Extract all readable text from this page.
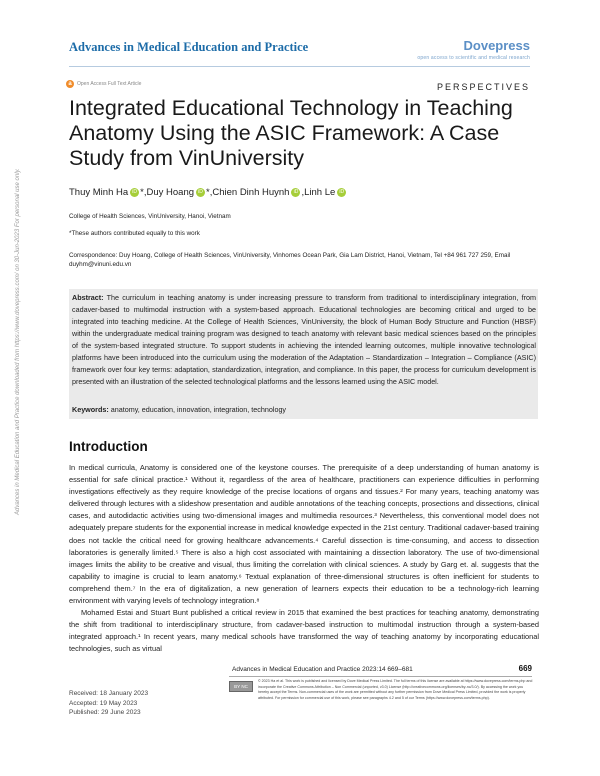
Advances in Medical Education and Practice	Dovepress
open access to scientific and medical research
a	Open Access Full Text Article	PERSPECTIVES
Integrated Educational Technology in Teaching Anatomy Using the ASIC Framework: A Case Study from VinUniversity
Thuy Minh Ha iD *, Duy Hoang iD *, Chien Dinh Huynh iD , Linh Le iD
College of Health Sciences, VinUniversity, Hanoi, Vietnam
*These authors contributed equally to this work
Correspondence: Duy Hoang, College of Health Sciences, VinUniversity, Vinhomes Ocean Park, Gia Lam District, Hanoi, Vietnam, Tel +84 961 727 259, Email duyhm@vinuni.edu.vn
Abstract: The curriculum in teaching anatomy is under increasing pressure to transform from traditional to interdisciplinary integration, from cadaver-based to multimodal instruction with a system-based approach. Educational technologies are becoming critical and urged to be integrated into teaching medicine. At the College of Health Sciences, VinUniversity, the block of Human Body Structure and Function (HBSF) within the undergraduate medical training program was designed to teach anatomy with relevant basic medical sciences based on the principles of the system-based integrated structure. To support students in achieving the intended learning outcomes, multiple innovative technological platforms have been introduced into the curriculum using the moderation of the Adaptation – Standardization – Integration – Compliance (ASIC) framework over four key terms: adaptation, standardization, integration, and compliance. In this paper, the process for curriculum development is presented with an illustration of the selected technological platforms and the lessons learned using the ASIC model.
Keywords: anatomy, education, innovation, integration, technology
Introduction

In medical curricula, Anatomy is considered one of the keystone courses. The prerequisite of a deep understanding of human anatomy is essential for safe clinical practice.¹ Without it, regardless of the area of healthcare, practitioners can experience difficulties in performing investigations effectively as they require knowledge of the precise locations of organs and tissues.² For many years, teaching anatomy was delivered through lectures with a slideshow presentation and audible annotations of the teaching concepts, prosections and dissections, clinical cases, and autodidactic activities using two-dimensional images and multimedia resources.³ Nevertheless, this conventional model does not adequately prepare students for the exponential increase in medical knowledge expected in the 21st century. Traditional cadaver-based training does not tackle the critical need for growing healthcare advancements.⁴ Careful dissection is time-consuming, and access to dissection laboratories is generally limited.⁵ There is also a high cost associated with maintaining a dissection laboratory. The use of two-dimensional images limits the ability to be creative and visual, thus limiting the correlation with clinical sciences. A study by Garg et. al. suggests that the capability to imagine is crucial to learn anatomy.⁶ Textual explanation of three-dimensional structures is often inefficient for students to comprehend them.⁷ In the era of digitalization, a new generation of learners expects their education to be a technology-rich learning environment with varying levels of technology integration.⁸

Mohamed Estai and Stuart Bunt published a critical review in 2015 that examined the best practices for teaching anatomy, demonstrating the shift from traditional to interdisciplinary structure, from cadaver-based instruction to multimodal instruction through a system-based integrated approach.¹ In recent years, many medical schools have transformed the way of teaching anatomy by incorporating educational technologies, such as virtual

Advances in Medical Education and Practice downloaded from https://www.dovepress.com/ on 30-Jun-2023 For personal use only.
Advances in Medical Education and Practice 2023:14 669–681	669
Received: 18 January 2023
Accepted: 19 May 2023
Published: 29 June 2023
BY NC
© 2023 Ha et al. This work is published and licensed by Dove Medical Press Limited. The full terms of this license are available at https://www.dovepress.com/terms.php and incorporate the Creative Commons Attribution – Non Commercial (unported, v3.0) License (http://creativecommons.org/licenses/by-nc/3.0/). By accessing the work you hereby accept the Terms. Non-commercial uses of the work are permitted without any further permission from Dove Medical Press Limited, provided the work is properly attributed. For permission for commercial use of this work, please see paragraphs 4.2 and 5 of our Terms (https://www.dovepress.com/terms.php).
